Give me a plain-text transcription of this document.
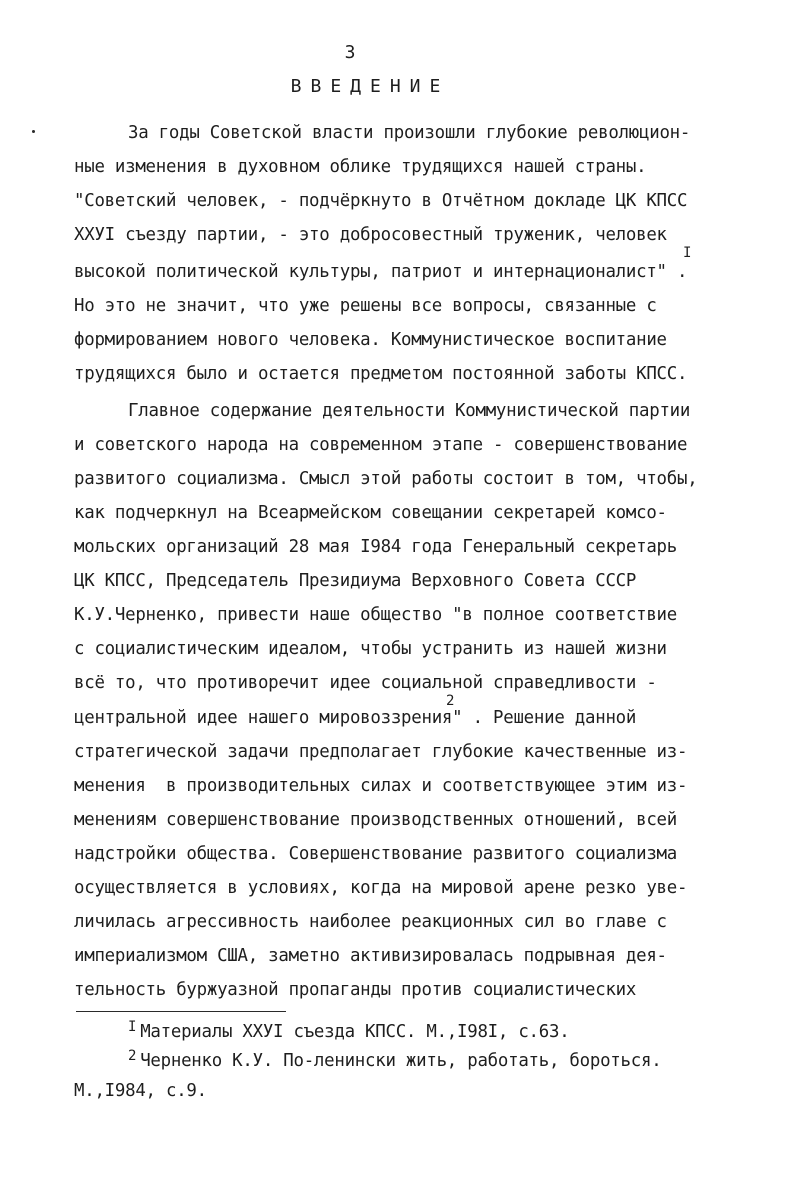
3
ВВЕДЕНИЕ
За годы Советской власти произошли глубокие революцион-
ные изменения в духовном облике трудящихся нашей страны.
"Советский человек, - подчёркнуто в Отчётном докладе ЦК КПСС
ХХУI съезду партии, - это добросовестный труженик, человек
I
высокой политической культуры, патриот и интернационалист" .
Но это не значит, что уже решены все вопросы, связанные с
формированием нового человека. Коммунистическое воспитание
трудящихся было и остается предметом постоянной заботы КПСС.
Главное содержание деятельности Коммунистической партии
и советского народа на современном этапе - совершенствование
развитого социализма. Смысл этой работы состоит в том, чтобы,
как подчеркнул на Всеармейском совещании секретарей комсо-
мольских организаций 28 мая I984 года Генеральный секретарь
ЦК КПСС, Председатель Президиума Верховного Совета СССР
К.У.Черненко, привести наше общество "в полное соответствие
с социалистическим идеалом, чтобы устранить из нашей жизни
всё то, что противоречит идее социальной справедливости -
2
центральной идее нашего мировоззрения" . Решение данной
стратегической задачи предполагает глубокие качественные из-
менения  в производительных силах и соответствующее этим из-
менениям совершенствование производственных отношений, всей
надстройки общества. Совершенствование развитого социализма
осуществляется в условиях, когда на мировой арене резко уве-
личилась агрессивность наиболее реакционных сил во главе с
империализмом США, заметно активизировалась подрывная дея-
тельность буржуазной пропаганды против социалистических
$^I$ Материалы ХХУI съезда КПСС. М.,I98I, с.63.
$^2$ Черненко К.У. По-ленински жить, работать, бороться.
М.,I984, с.9.
